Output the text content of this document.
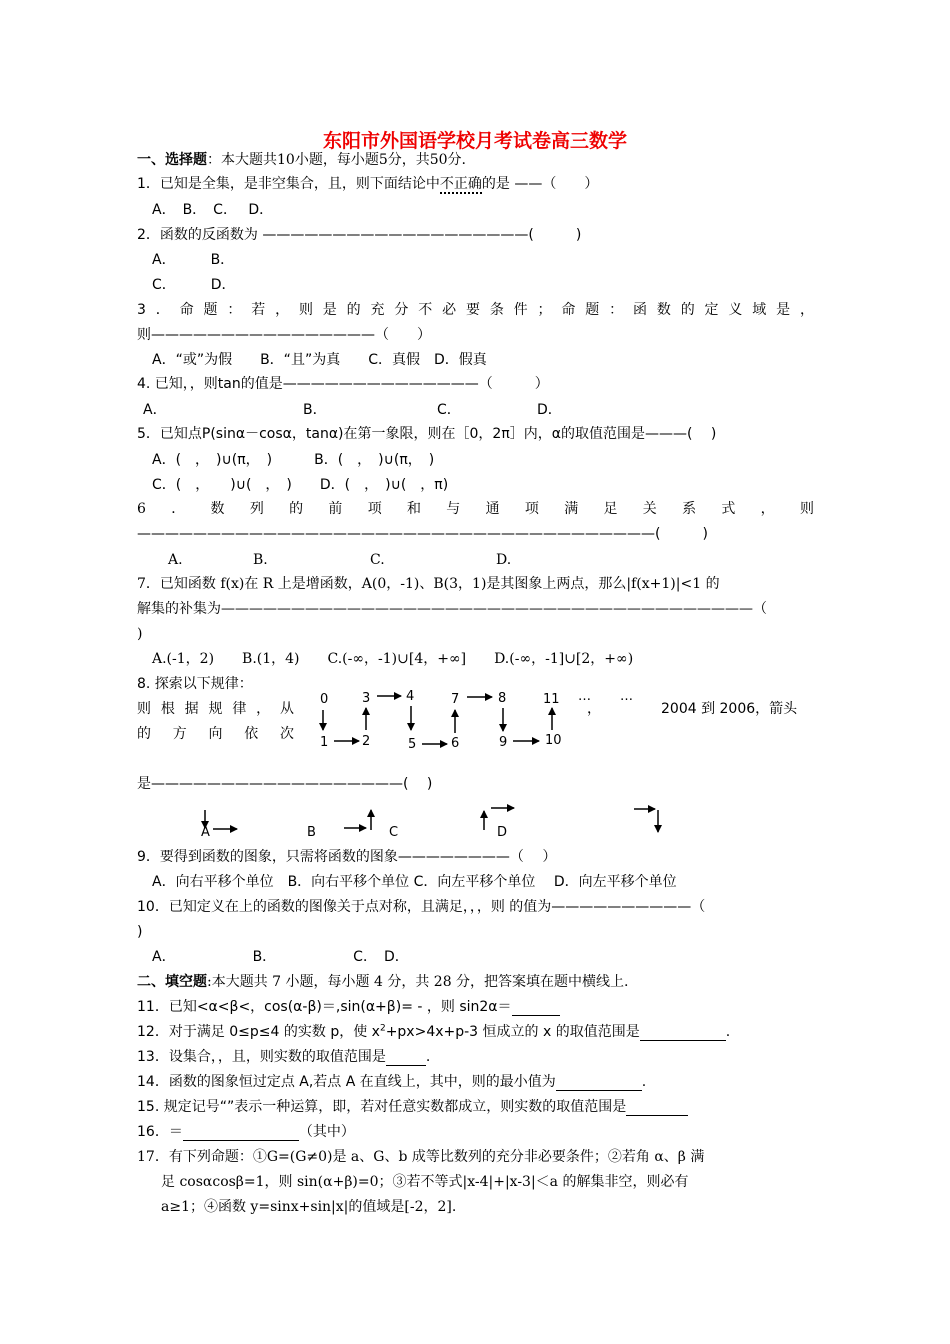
东阳市外国语学校月考试卷高三数学
一、选择题：本大题共10小题，每小题5分，共50分.
1．已知是全集，是非空集合，且，则下面结论中不正确的是 ——（　　）
A．　B．　C．　 D．
2．函数的反函数为 ———————————————————(　　　)
A．　　　B．
C．　　　D．
3 ． 命 题 ： 若 ， 则 是 的 充 分 不 必 要 条 件 ； 命 题 ： 函 数 的 定 义 域 是 ，
则————————————————（　　）
A．“或”为假　　B．“且”为真　　C．真假　D．假真
4. 已知，，则tan的值是——————————————（　　　）
A．	B．	C．	D．
5．已知点P(sinα－cosα，tanα)在第一象限，则在［0，2π］内，α的取值范围是———(　 )
A．(　，　)∪(π，　)　　　B．(　，　)∪(π，　)
C．(　，　　)∪(　，　)　　D．(　，　)∪(　，π)
6 ． 数 列 的 前 项 和 与 通 项 满 足 关 系 式 ， 则
—————————————————————————————————————(　　　)
A.	B.	C.	D.
7．已知函数 f(x)在 R 上是增函数，A(0，-1)、B(3，1)是其图象上两点，那么|f(x+1)|<1 的
解集的补集为——————————————————————————————————————（
)
A.(-1，2)　　B.(1，4)　　C.(-∞，-1)∪[4，+∞]　　D.(-∞，-1]∪[2，+∞)
8. 探索以下规律：
则 根 据 规 律 ， 从	，	2004 到 2006，箭头
的 方 向 依 次
是——————————————————(　 )
0	3	4	7	8	11 … …
1	2	5	6	9	10
A	B	C	D
9．要得到函数的图象，只需将函数的图象————————（　 ）
A．向右平移个单位　B．向右平移个单位 C．向左平移个单位　 D．向左平移个单位
10．已知定义在上的函数的图像关于点对称，且满足，，，则 的值为——————————（
)
A．　　　　　　B．　　　　　　C．　D．
二、填空题:本大题共 7 小题，每小题 4 分，共 28 分，把答案填在题中横线上.
11．已知<α<β<，cos(α-β)＝,sin(α+β)= - ，则 sin2α＝
12．对于满足 0≤p≤4 的实数 p，使 $x^2+px>4x+p-3$ 恒成立的 x 的取值范围是	.
13．设集合，，且，则实数的取值范围是	.
14．函数的图象恒过定点 A,若点 A 在直线上，其中，则的最小值为	.
15. 规定记号“”表示一种运算，即，若对任意实数都成立，则实数的取值范围是
16．＝	（其中）
17．有下列命题：①G=(G≠0)是 a、G、b 成等比数列的充分非必要条件；②若角 α、β 满
足 cosαcosβ=1，则 sin(α+β)=0；③若不等式|x-4|+|x-3|＜a 的解集非空，则必有
a≥1；④函数 y=sinx+sin|x|的值域是[-2，2].
